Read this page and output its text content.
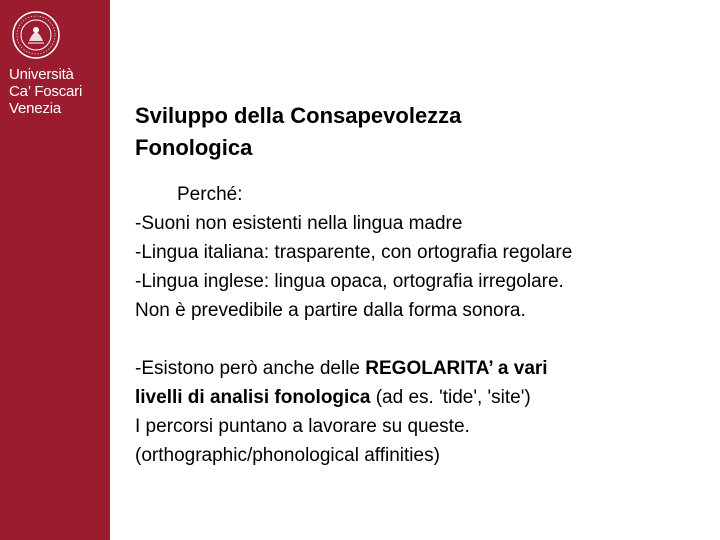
Università
Ca’ Foscari
Venezia	Sviluppo della Consapevolezza
Fonologica
Perché:
-Suoni non esistenti nella lingua madre
-Lingua italiana: trasparente, con ortografia regolare
-Lingua inglese: lingua opaca, ortografia irregolare.
Non è prevedibile a partire dalla forma sonora.
-Esistono però anche delle REGOLARITA’ a vari
livelli di analisi fonologica (ad es. 'tide', 'site')
I percorsi puntano a lavorare su queste.
(orthographic/phonological affinities)
